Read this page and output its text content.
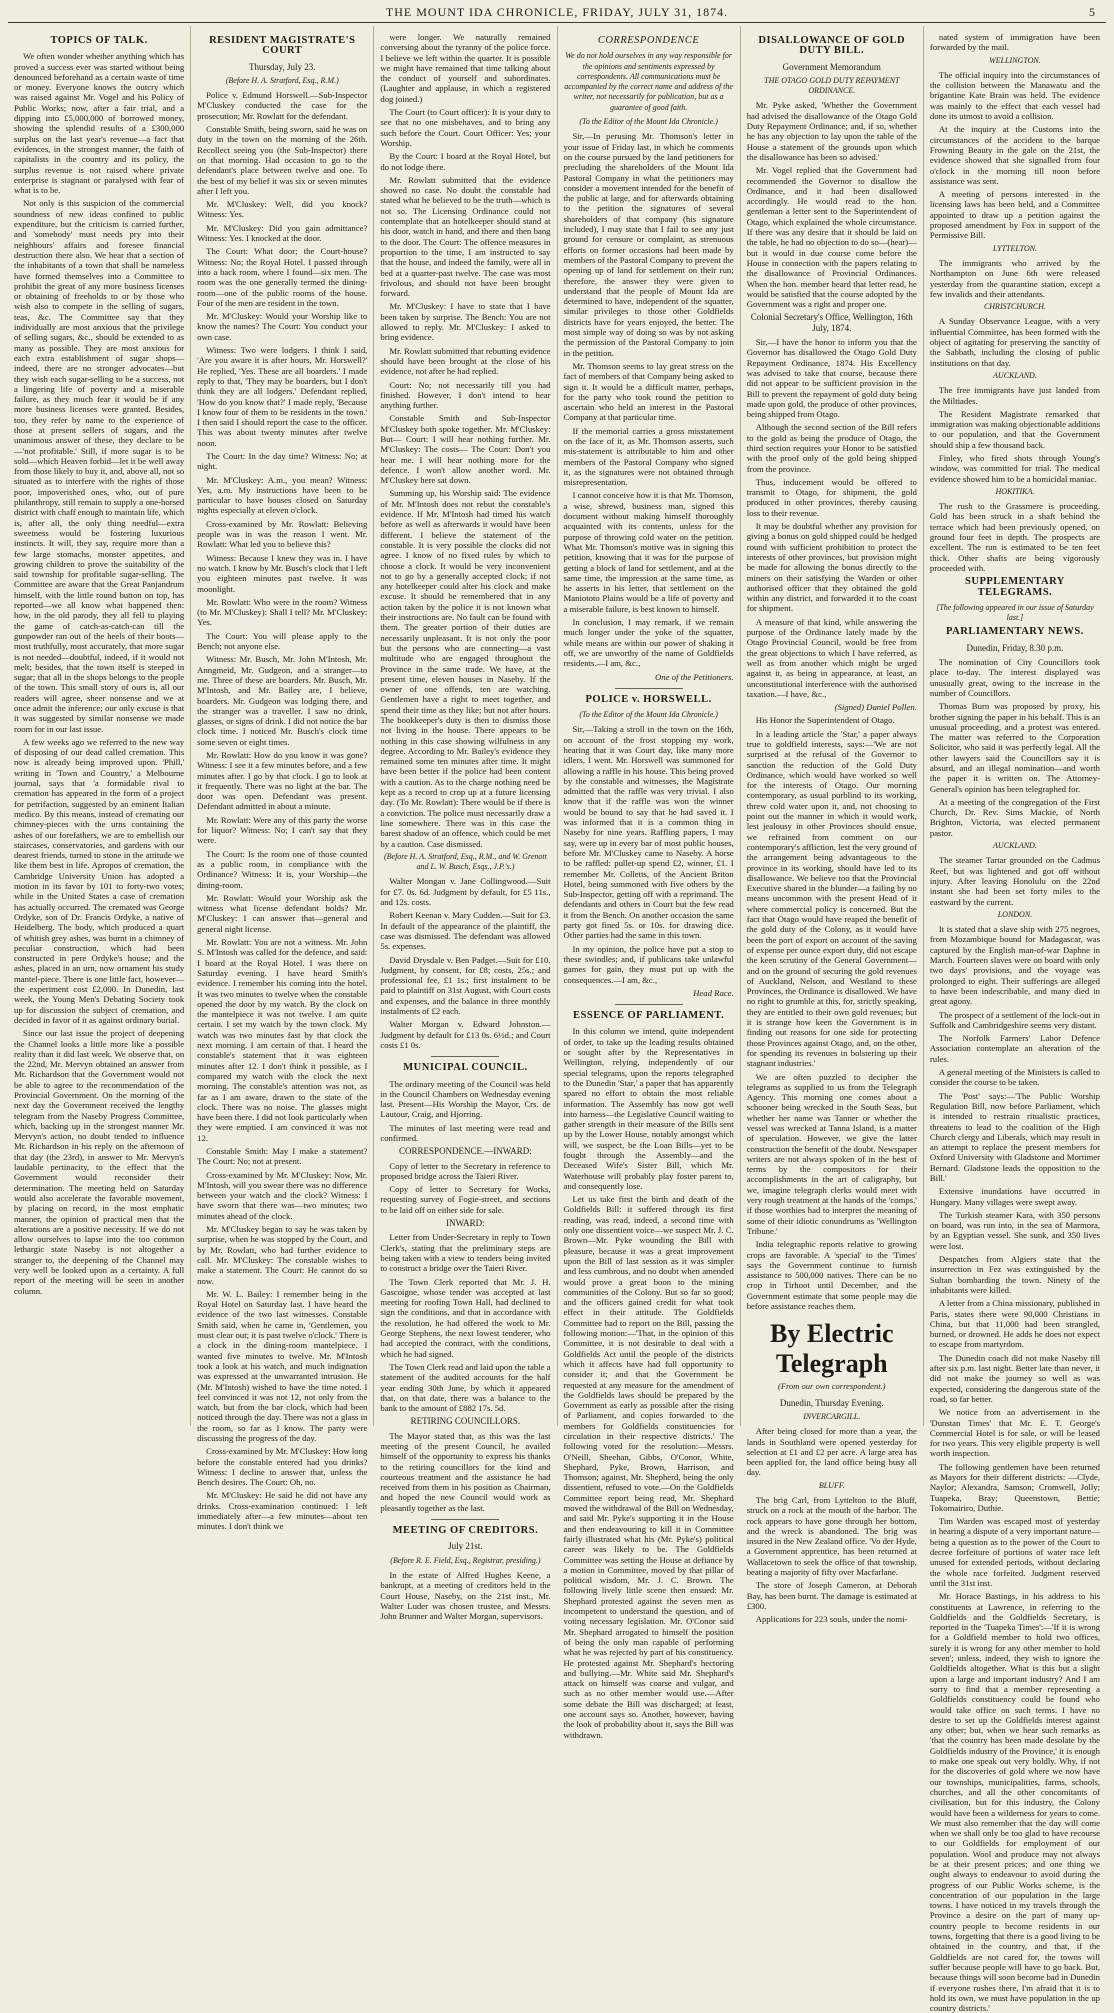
THE MOUNT IDA CHRONICLE, FRIDAY, JULY 31, 1874.	5
TOPICS OF TALK.

We often wonder whether anything which has proved a success ever was started without being denounced beforehand as a certain waste of time or money. Everyone knows the outcry which was raised against Mr. Vogel and his Policy of Public Works; now, after a fair trial, and a dipping into £5,000,000 of borrowed money, showing the splendid results of a £300,000 surplus on the last year's revenue—a fact that evidences, in the strongest manner, the faith of capitalists in the country and its policy, the surplus revenue is not raised where private enterprise is stagnant or paralysed with fear of what is to be.

Not only is this suspicion of the commercial soundness of new ideas confined to public expenditure, but the criticism is carried further, and 'somebody' must needs pry into their neighbours' affairs and foresee financial destruction there also. We hear that a section of the inhabitants of a town that shall be nameless have formed themselves into a Committee to prohibit the great of any more business licenses or obtaining of freeholds to or by those who wish also to compete in the selling of sugars, teas, &c. The Committee say that they individually are most anxious that the privilege of selling sugars, &c., should be extended to as many as possible. They are most anxious for each extra establishment of sugar shops—indeed, there are no stronger advocates—but they wish each sugar-selling to be a success, not a lingering life of poverty and a miserable failure, as they much fear it would be if any more business licenses were granted. Besides, too, they refer by name to the experience of those at present sellers of sugars, and the unanimous answer of these, they declare to be—'not profitable.' Still, if more sugar is to be sold—which Heaven forbid—let it be well away from those likely to buy it, and, above all, not so situated as to interfere with the rights of those poor, impoverished ones, who, out of pure philanthropy, still remain to supply a one-horsed district with chaff enough to maintain life, which is, after all, the only thing needful—extra sweetness would be fostering luxurious instincts. It will, they say, require more than a few large stomachs, monster appetites, and growing children to prove the suitability of the said township for profitable sugar-selling. The Committee are aware that the Great Panjandrum himself, with the little round button on top, has reported—we all know what happened then: how, in the old parody, they all fell to playing the game of catch-as-catch-can till the gunpowder ran out of the heels of their boots—most truthfully, most accurately, that more sugar is not needed—doubtful, indeed, if it would not melt; besides, that the town itself is steeped in sugar; that all in the shops belongs to the people of the town. This small story of ours is, all our readers will agree, sheer nonsense and we at once admit the inference; our only excuse is that it was suggested by similar nonsense we made room for in our last issue.

A few weeks ago we referred to the new way of disposing of our dead called cremation. This now is already being improved upon. 'Phill,' writing in 'Town and Country,' a Melbourne journal, says that 'a formidable rival to cremation has appeared in the form of a project for petrifaction, suggested by an eminent Italian medico. By this means, instead of cremating our chimney-pieces with the urns containing the ashes of our forefathers, we are to embellish our staircases, conservatories, and gardens with our dearest friends, turned to stone in the attitude we like them best in life. Apropos of cremation, the Cambridge University Union has adopted a motion in its favor by 101 to forty-two votes; while in the United States a case of cremation has actually occurred. The cremated was George Ordyke, son of Dr. Francis Ordyke, a native of Heidelberg. The body, which produced a quart of whitish grey ashes, was burnt in a chimney of peculiar construction, which had been constructed in pere Ordyke's house; and the ashes, placed in an urn, now ornament his study mantel-piece. There is one little fact, however—the experiment cost £2,000. In Dunedin, last week, the Young Men's Debating Society took up for discussion the subject of cremation, and decided in favor of it as against ordinary burial.

Since our last issue the project of deepening the Channel looks a little more like a possible reality than it did last week. We observe that, on the 22nd, Mr. Mervyn obtained an answer from Mr. Richardson that the Government would not be able to agree to the recommendation of the Provincial Government. On the morning of the next day the Government received the lengthy telegram from the Naseby Progress Committee, which, backing up in the strongest manner Mr. Mervyn's action, no doubt tended to influence Mr. Richardson in his reply on the afternoon of that day (the 23rd), in answer to Mr. Mervyn's laudable pertinacity, to the effect that the Government would reconsider their determination. The meeting held on Saturday would also accelerate the favorable movement, by placing on record, in the most emphatic manner, the opinion of practical men that the alterations are a positive necessity. If we do not allow ourselves to lapse into the too common lethargic state Naseby is not altogether a stranger to, the deepening of the Channel may very well be looked upon as a certainty. A full report of the meeting will be seen in another column.

RESIDENT MAGISTRATE'S COURT
Thursday, July 23.
(Before H. A. Stratford, Esq., R.M.)

Police v. Edmund Horswell.—Sub-Inspector M'Cluskey conducted the case for the prosecution; Mr. Rowlatt for the defendant.

Constable Smith, being sworn, said he was on duty in the town on the morning of the 26th. Recollect seeing you (the Sub-Inspector) there on that morning. Had occasion to go to the defendant's place between twelve and one. To the best of my belief it was six or seven minutes after I left you.

Mr. M'Cluskey: Well, did you knock? Witness: Yes.

Mr. M'Cluskey: Did you gain admittance? Witness: Yes. I knocked at the door.

The Court: What door; the Court-house? Witness: No; the Royal Hotel. I passed through into a back room, where I found—six men. The room was the one generally termed the dining-room—one of the public rooms of the house. Four of the men are resident in the town.

Mr. M'Cluskey: Would your Worship like to know the names? The Court: You conduct your own case.

Witness: Two were lodgers. I think I said, 'Are you aware it is after hours, Mr. Horswell?' He replied, 'Yes. These are all boarders.' I made reply to that, 'They may be boarders, but I don't think they are all lodgers.' Defendant replied, 'How do you know that?' I made reply, 'Because I know four of them to be residents in the town.' I then said I should report the case to the officer. This was about twenty minutes after twelve noon.

The Court: In the day time? Witness: No; at night.

Mr. M'Cluskey: A.m., you mean? Witness: Yes, a.m. My instructions have been to be particular to have houses closed on Saturday nights especially at eleven o'clock.

Cross-examined by Mr. Rowlatt: Believing people was in was the reason I went. Mr. Rowlatt: What led you to believe this?

Witness: Because I knew they was in. I have no watch. I know by Mr. Busch's clock that I left you eighteen minutes past twelve. It was moonlight.

Mr. Rowlatt: Who were in the room? Witness (to Mr. M'Cluskey): Shall I tell? Mr. M'Cluskey: Yes.

The Court: You will please apply to the Bench; not anyone else.

Witness: Mr. Busch, Mr. John M'Intosh, Mr. Anngmeid, Mr. Gudgeon, and a stranger—to me. Three of these are boarders. Mr. Busch, Mr. M'Intosh, and Mr. Bailey are, I believe, boarders. Mr. Gudgeon was lodging there, and the stranger was a traveller. I saw no drink, glasses, or signs of drink. I did not notice the bar clock time. I noticed Mr. Busch's clock time some seven or eight times.

Mr. Rowlatt: How do you know it was gone? Witness: I see it a few minutes before, and a few minutes after. I go by that clock. I go to look at it frequently. There was no light at the bar. The door was open. Defendant was present. Defendant admitted in about a minute.

Mr. Rowlatt: Were any of this party the worse for liquor? Witness: No; I can't say that they were.

The Court: Is the room one of those counted as a public room, in compliance with the Ordinance? Witness: It is, your Worship—the dining-room.

Mr. Rowlatt: Would your Worship ask the witness what license defendant holds? Mr. M'Cluskey: I can answer that—general and general night license.

Mr. Rowlatt: You are not a witness. Mr. John S. M'Intosh was called for the defence, and said: I board at the Royal Hotel. I was there on Saturday evening. I have heard Smith's evidence. I remember his coming into the hotel. It was two minutes to twelve when the constable opened the door by my watch. By the clock on the mantelpiece it was not twelve. I am quite certain. I set my watch by the town clock. My watch was two minutes fast by that clock the next morning. I am certain of that. I heard the constable's statement that it was eighteen minutes after 12. I don't think it possible, as I compared my watch with the clock the next morning. The constable's attention was not, as far as I am aware, drawn to the state of the clock. There was no noise. The glasses might have been there. I did not look particularly when they were emptied. I am convinced it was not 12.

Constable Smith: May I make a statement? The Court: No; not at present.

Cross-examined by Mr. M'Cluskey: Now, Mr. M'Intosh, will you swear there was no difference between your watch and the clock? Witness: I have sworn that there was—two minutes; two minutes ahead of the clock.

Mr. M'Cluskey began to say he was taken by surprise, when he was stopped by the Court, and by Mr. Rowlatt, who had further evidence to call. Mr. M'Cluskey: The constable wishes to make a statement. The Court: He cannot do so now.

Mr. W. L. Bailey: I remember being in the Royal Hotel on Saturday last. I have heard the evidence of the two last witnesses. Constable Smith said, when he came in, 'Gentlemen, you must clear out; it is past twelve o'clock.' There is a clock in the dining-room mantelpiece. I wanted five minutes to twelve. Mr. M'Intosh took a look at his watch, and much indignation was expressed at the unwarranted intrusion. He (Mr. M'Intosh) wished to have the time noted. I feel convinced it was not 12, not only from the watch, but from the bar clock, which had been noticed through the day. There was not a glass in the room, so far as I know. The party were discussing the progress of the day.

Cross-examined by Mr. M'Cluskey: How long before the constable entered had you drinks? Witness: I decline to answer that, unless the Bench desires. The Court: Oh, no.

Mr. M'Cluskey: He said he did not have any drinks. Cross-examination continued: I left immediately after—a few minutes—about ten minutes. I don't think we

were longer. We naturally remained conversing about the tyranny of the police force. I believe we left within the quarter. It is possible we might have remained that time talking about the conduct of yourself and subordinates. (Laughter and applause, in which a registered dog joined.)

The Court (to Court officer): It is your duty to see that no one misbehaves, and to bring any such before the Court. Court Officer: Yes; your Worship.

By the Court: I board at the Royal Hotel, but do not lodge there.

Mr. Rowlatt submitted that the evidence showed no case. No doubt the constable had stated what he believed to be the truth—which is not so. The Licensing Ordinance could not contemplate that an hotelkeeper should stand at his door, watch in hand, and there and then bang to the door. The Court: The offence measures in proportion to the time, I am instructed to say that the house, and indeed the family, were all in bed at a quarter-past twelve. The case was most frivolous, and should not have been brought forward.

Mr. M'Cluskey: I have to state that I have been taken by surprise. The Bench: You are not allowed to reply. Mr. M'Cluskey: I asked to bring evidence.

Mr. Rowlatt submitted that rebutting evidence should have been brought at the close of his evidence, not after he had replied.

Court: No; not necessarily till you had finished. However, I don't intend to hear anything further.

Constable Smith and Sub-Inspector M'Cluskey both spoke together. Mr. M'Cluskey: But— Court: I will hear nothing further. Mr. M'Cluskey: The costs— The Court: Don't you hear me. I will hear nothing more for the defence. I won't allow another word. Mr. M'Cluskey here sat down.

Summing up, his Worship said: The evidence of Mr. M'Intosh does not rebut the constable's evidence. If Mr. M'Intosh had timed his watch before as well as afterwards it would have been different. I believe the statement of the constable. It is very possible the clocks did not agree. I know of no fixed rules by which to choose a clock. It would be very inconvenient not to go by a generally accepted clock; if not any hotelkeeper could alter his clock and make excuse. It should be remembered that in any action taken by the police it is not known what their instructions are. No fault can be found with them. The greater portion of their duties are necessarily unpleasant. It is not only the poor but the persons who are connecting—a vast multitude who are engaged throughout the Province in the same trade. We have, at the present time, eleven houses in Naseby. If the owner of one offends, ten are watching. Gentlemen have a right to meet together, and spend their time as they like; but not after hours. The bookkeeper's duty is then to dismiss those not living in the house. There appears to be nothing in this case showing wilfulness in any degree. According to Mr. Bailey's evidence they remained some ten minutes after time. It might have been better if the police had been content with a caution. As to the charge nothing need be kept as a record to crop up at a future licensing day. (To Mr. Rowlatt): There would be if there is a conviction. The police must necessarily draw a line somewhere. There was in this case the barest shadow of an offence, which could be met by a caution. Case dismissed.

(Before H. A. Stratford, Esq., R.M., and W. Grenott and L. W. Busch, Esqs., J.P.'s.)

Walter Mongan v. Jane Collingwood.—Suit for £7. 0s. 6d. Judgment by default, for £5 11s., and 12s. costs.

Robert Keenan v. Mary Cudden.—Suit for £3. In default of the appearance of the plaintiff, the case was dismissed. The defendant was allowed 5s. expenses.

David Drysdale v. Ben Padget.—Suit for £10. Judgment, by consent, for £8; costs, 25s.; and professional fee, £1 1s.; first instalment to be paid to plaintiff on 31st August, with Court costs and expenses, and the balance in three monthly instalments of £2 each.

Walter Morgan v. Edward Johnston.—Judgment by default for £13 0s. 6½d.; and Court costs £1 0s.

MUNICIPAL COUNCIL.

The ordinary meeting of the Council was held in the Council Chambers on Wednesday evening last. Present—His Worship the Mayor, Crs. de Lautour, Craig, and Hjorring.

The minutes of last meeting were read and confirmed.

CORRESPONDENCE.—INWARD:

Copy of letter to the Secretary in reference to proposed bridge across the Taieri River.

Copy of letter to Secretary for Works, requesting survey of Fogie-street, and sections to be laid off on either side for sale.

INWARD:

Letter from Under-Secretary in reply to Town Clerk's, stating that the preliminary steps are being taken with a view to tenders being invited to construct a bridge over the Taieri River.

The Town Clerk reported that Mr. J. H. Gascoigne, whose tender was accepted at last meeting for roofing Town Hall, had declined to sign the conditions, and that in accordance with the resolution, he had offered the work to Mr. George Stephens, the next lowest tenderer, who had accepted the contract, with the conditions, which he had signed.

The Town Clerk read and laid upon the table a statement of the audited accounts for the half year ending 30th June, by which it appeared that, on that date, there was a balance to the bank to the amount of £882 17s. 5d.

RETIRING COUNCILLORS.

The Mayor stated that, as this was the last meeting of the present Council, he availed himself of the opportunity to express his thanks to the retiring councillors for the kind and courteous treatment and the assistance he had received from them in his position as Chairman, and hoped the new Council would work as pleasantly together as the last.

MEETING OF CREDITORS.
July 21st.
(Before R. E. Field, Esq., Registrar, presiding.)

In the estate of Alfred Hughes Keene, a bankrupt, at a meeting of creditors held in the Court House, Naseby, on the 21st inst., Mr. Walter Luder was chosen trustee, and Messrs. John Brunner and Walter Morgan, supervisors.

CORRESPONDENCE
We do not hold ourselves in any way responsible for the opinions and sentiments expressed by correspondents. All communications must be accompanied by the correct name and address of the writer, not necessarily for publication, but as a guarantee of good faith.
(To the Editor of the Mount Ida Chronicle.)

Sir,—In perusing Mr. Thomson's letter in your issue of Friday last, in which he comments on the course pursued by the land petitioners for precluding the shareholders of the Mount Ida Pastoral Company in what the petitioners may consider a movement intended for the benefit of the public at large, and for afterwards obtaining to the petition the signatures of several shareholders of that company (his signature included), I may state that I fail to see any just ground for censure or complaint, as strenuous efforts on former occasions had been made by members of the Pastoral Company to prevent the opening up of land for settlement on their run; therefore, the answer they were given to understand that the people of Mount Ida are determined to have, independent of the squatter, similar privileges to those other Goldfields districts have for years enjoyed, the better. The most simple way of doing so was by not asking the permission of the Pastoral Company to join in the petition.

Mr. Thomson seems to lay great stress on the fact of members of that Company being asked to sign it. It would be a difficult matter, perhaps, for the party who took round the petition to ascertain who held an interest in the Pastoral Company at that particular time.

If the memorial carries a gross misstatement on the face of it, as Mr. Thomson asserts, such mis-statement is attributable to him and other members of the Pastoral Company who signed it, as the signatures were not obtained through misrepresentation.

I cannot conceive how it is that Mr. Thomson, a wise, shrewd, business man, signed this document without making himself thoroughly acquainted with its contents, unless for the purpose of throwing cold water on the petition. What Mr. Thomson's motive was in signing this petition, knowing that it was for the purpose of getting a block of land for settlement, and at the same time, the impression at the same time, as he asserts in his letter, that settlement on the Maniototo Plains would be a life of poverty and a miserable failure, is best known to himself.

In conclusion, I may remark, if we remain much longer under the yoke of the squatter, while means are within our power of shaking it off, we are unworthy of the name of Goldfields residents.—I am, &c.,

One of the Petitioners.

POLICE v. HORSWELL.
(To the Editor of the Mount Ida Chronicle.)

Sir,—Taking a stroll in the town on the 16th, on account of the frost stopping my work, hearing that it was Court day, like many more idlers, I went. Mr. Horswell was summoned for allowing a raffle in his house. This being proved by the constable and witnesses, the Magistrate admitted that the raffle was very trivial. I also know that if the raffle was won the winner would be bound to say that he had saved it. I was informed that it is a common thing in Naseby for nine years. Raffling papers, I may say, were up in every bar of most public houses, before Mr. M'Cluskey came to Naseby. A horse to be raffled: pullet-up spend £2, winner, £1. I remember Mr. Colletts, of the Ancient Briton Hotel, being summoned with five others by the Sub-Inspector, getting off with a reprimand. The defendants and others in Court but the few read it from the Bench. On another occasion the same party got fined 5s. or 10s. for drawing dice. Other parties had the same in this town.

In my opinion, the police have put a stop to these swindles; and, if publicans take unlawful games for gain, they must put up with the consequences.—I am, &c.,

Head Race.

ESSENCE OF PARLIAMENT.

In this column we intend, quite independent of order, to take up the leading results obtained or sought after by the Representatives in Wellington, relying, independently of our special telegrams, upon the reports telegraphed to the Dunedin 'Star,' a paper that has apparently spared no effort to obtain the most reliable information. The Assembly has now got well into harness—the Legislative Council waiting to gather strength in their measure of the Bills sent up by the Lower House, notably amongst which will, we suspect, be the Loan Bills—yet to be fought through the Assembly—and the Deceased Wife's Sister Bill, which Mr. Waterhouse will probably play foster parent to, and consequently lose.

Let us take first the birth and death of the Goldfields Bill: it suffered through its first reading, was read, indeed, a second time with only one dissentient voice—we suspect Mr. J. C. Brown—Mr. Pyke wounding the Bill with pleasure, because it was a great improvement upon the Bill of last session as it was simpler and less cumbrous, and no doubt when amended would prove a great boon to the mining communities of the Colony. But so far so good; and the officers gained credit for what took effect in their attitude. The Goldfields Committee had to report on the Bill, passing the following motion:—'That, in the opinion of this Committee, it is not desirable to deal with a Goldfields Act until the people of the districts which it affects have had full opportunity to consider it; and that the Government be requested at any measure for the amendment of the Goldfields laws should be prepared by the Government as early as possible after the rising of Parliament, and copies forwarded to the members for Goldfields constituencies for circulation in their respective districts.' The following voted for the resolution:—Messrs. O'Neill, Sheehan, Gibbs, O'Conor, White, Shephard, Pyke, Brown, Harrison, and Thomson; against, Mr. Shepherd, being the only dissentient, refused to vote.—On the Goldfields Committee report being read, Mr. Shephard moved the withdrawal of the Bill on Wednesday, and said Mr. Pyke's supporting it in the House and then endeavouring to kill it in Committee fairly illustrated what his (Mr. Pyke's) political career was likely to be. The Goldfields Committee was setting the House at defiance by a motion in Committee, moved by that pillar of political wisdom, Mr. J. C. Brown. The following lively little scene then ensued: Mr. Shephard protested against the seven men as incompetent to understand the question, and of voting necessary legislation. Mr. O'Conor said Mr. Shephard arrogated to himself the position of being the only man capable of performing what he was rejected by part of his constituency. He protested against Mr. Shephard's hectoring and bullying.—Mr. White said Mr. Shephard's attack on himself was coarse and vulgar, and such as no other member would use.—After some debate the Bill was discharged; at least, one account says so. Another, however, having the look of probability about it, says the Bill was withdrawn.

DISALLOWANCE OF GOLD DUTY BILL.
Government Memorandum
THE OTAGO GOLD DUTY REPAYMENT ORDINANCE.

Mr. Pyke asked, 'Whether the Government had advised the disallowance of the Otago Gold Duty Repayment Ordinance; and, if so, whether he has any objection to lay upon the table of the House a statement of the grounds upon which the disallowance has been so advised.'

Mr. Vogel replied that the Government had recommended the Governor to disallow the Ordinance, and it had been disallowed accordingly. He would read to the hon. gentleman a letter sent to the Superintendent of Otago, which explained the whole circumstance. If there was any desire that it should be laid on the table, he had no objection to do so—(hear)—but it would in due course come before the House in connection with the papers relating to the disallowance of Provincial Ordinances. When the hon. member heard that letter read, he would be satisfied that the course adopted by the Government was a right and proper one.

Colonial Secretary's Office, Wellington, 16th July, 1874.

Sir,—I have the honor to inform you that the Governor has disallowed the Otago Gold Duty Repayment Ordinance, 1874. His Excellency was advised to take that course, because there did not appear to be sufficient provision in the Bill to prevent the repayment of gold duty being made upon gold, the produce of other provinces, being shipped from Otago.

Although the second section of the Bill refers to the gold as being the produce of Otago, the third section requires your Honor to be satisfied with the proof only of the gold being shipped from the province.

Thus, inducement would be offered to transmit to Otago, for shipment, the gold produced in other provinces, thereby causing loss to their revenue.

It may be doubtful whether any provision for giving a bonus on gold shipped could be hedged round with sufficient prohibition to protect the interests of other provinces, but provision might be made for allowing the bonus directly to the miners on their satisfying the Warden or other authorised officer that they obtained the gold within any district, and forwarded it to the coast for shipment.

A measure of that kind, while answering the purpose of the Ordinance lately made by the Otago Provincial Council, would be free from the great objections to which I have referred, as well as from another which might be urged against it, as being in appearance, at least, an unconstitutional interference with the authorised taxation.—I have, &c.,

(Signed) Daniel Pollen.

His Honor the Superintendent of Otago.

In a leading article the 'Star,' a paper always true to goldfield interests, says:—'We are not surprised at the refusal of the Governor to sanction the reduction of the Gold Duty Ordinance, which would have worked so well for the interests of Otago. Our morning contemporary, as usual purblind to its working, threw cold water upon it, and, not choosing to point out the manner in which it would work, lest jealousy in other Provinces should ensue, we refrained from comment on our contemporary's affliction, lest the very ground of the arrangement being advantageous to the province in its working, should have led to its disallowance. We believe too that the Provincial Executive shared in the blunder—a failing by no means uncommon with the present Head of it where commercial policy is concerned. But the fact that Otago would have reaped the benefit of the gold duty of the Colony, as it would have been the port of export on account of the saving of expense per ounce export duty, did not escape the keen scrutiny of the General Government—and on the ground of securing the gold revenues of Auckland, Nelson, and Westland to these Provinces, the Ordinance is disallowed. We have no right to grumble at this, for, strictly speaking, they are entitled to their own gold revenues; but it is strange how keen the Government is in finding out reasons for one side for protecting those Provinces against Otago, and, on the other, for spending its revenues in bolstering up their stagnant industries.'

We are often puzzled to decipher the telegrams as supplied to us from the Telegraph Agency. This morning one comes about a schooner being wrecked in the South Seas, but whether her name was Tanner or whether the vessel was wrecked at Tanna Island, is a matter of speculation. However, we give the latter construction the benefit of the doubt. Newspaper writers are not always spoken of in the best of terms by the compositors for their accomplishments in the art of caligraphy, but we, imagine telegraph clerks would meet with very rough treatment at the hands of the 'comps.' if those worthies had to interpret the meaning of some of their idiotic conundrums as 'Wellington Tribune.'

India telegraphic reports relative to growing crops are favorable. A 'special' to the 'Times' says the Government continue to furnish assistance to 500,000 natives. There can be no crop in Tirhoot until December, and the Government estimate that some people may die before assistance reaches them.

By Electric Telegraph
(From our own correspondent.)
Dunedin, Thursday Evening.
INVERCARGILL.

After being closed for more than a year, the lands in Southland were opened yesterday for selection at £1 and £2 per acre. A large area has been applied for, the land office being busy all day.

BLUFF.

The brig Carl, from Lyttelton to the Bluff, struck on a rock at the mouth of the harbor. The rock appears to have gone through her bottom, and the wreck is abandoned. The brig was insured in the New Zealand office. 'Vo der Hyde, a Government apprentice, has been returned at Wallacetown to seek the office of that township, beating a majority of fifty over Macfarlane.

The store of Joseph Cameron, at Deborah Bay, has been burnt. The damage is estimated at £300.

Applications for 223 souls, under the nomi-

nated system of immigration have been forwarded by the mail.

WELLINGTON.

The official inquiry into the circumstances of the collision between the Manawatu and the brigantine Kate Brain was held. The evidence was mainly to the effect that each vessel had done its utmost to avoid a collision.

At the inquiry at the Customs into the circumstances of the accident to the barque Frowning Beauty in the gale on the 21st, the evidence showed that she signalled from four o'clock in the morning till noon before assistance was sent.

A meeting of persons interested in the licensing laws has been held, and a Committee appointed to draw up a petition against the proposed amendment by Fox in support of the Permissive Bill.

LYTTELTON.

The immigrants who arrived by the Northampton on June 6th were released yesterday from the quarantine station, except a few invalids and their attendants.

CHRISTCHURCH.

A Sunday Observance League, with a very influential Committee, has been formed with the object of agitating for preserving the sanctity of the Sabbath, including the closing of public institutions on that day.

AUCKLAND.

The free immigrants have just landed from the Miltiades.

The Resident Magistrate remarked that immigration was making objectionable additions to our population, and that the Government should ship a few thousand back.

Finley, who fired shots through Young's window, was committed for trial. The medical evidence showed him to be a homicidal maniac.

HOKITIKA.

The rush to the Grassmere is proceeding. Gold has been struck in a shaft behind the terrace which had been previously opened, on ground four feet in depth. The prospects are excellent. The run is estimated to be ten feet thick. Other shafts are being vigorously proceeded with.

SUPPLEMENTARY TELEGRAMS.
[The following appeared in our issue of Saturday last.]
PARLIAMENTARY NEWS.
Dunedin, Friday, 8.30 p.m.

The nomination of City Councillors took place to-day. The interest displayed was unusually great, owing to the increase in the number of Councillors.

Thomas Burn was proposed by proxy, his brother signing the paper in his behalf. This is an unusual proceeding, and a protest was entered. The matter was referred to the Corporation Solicitor, who said it was perfectly legal. All the other lawyers said the Councillors say it is absurd, and an illegal nomination—and worth the paper it is written on. The Attorney-General's opinion has been telegraphed for.

At a meeting of the congregation of the First Church, Dr. Rev. Sims Mackie, of North Brighton, Victoria, was elected permanent pastor.

AUCKLAND.

The steamer Tartar grounded on the Cadmus Reef, but was lightened and got off without injury. After leaving Honolulu on the 22nd instant she had been set forty miles to the eastward by the current.

LONDON.

It is stated that a slave ship with 275 negroes, from Mozambique bound for Madagascar, was captured by the English man-of-war Daphne in March. Fourteen slaves were on board with only two days' provisions, and the voyage was prolonged to eight. Their sufferings are alleged to have been indescribable, and many died in great agony.

The prospect of a settlement of the lock-out in Suffolk and Cambridgeshire seems very distant.

The Norfolk Farmers' Labor Defence Association contemplate an alteration of the rules.

A general meeting of the Ministers is called to consider the course to be taken.

The 'Post' says:—'The Public Worship Regulation Bill, now before Parliament, which is intended to restrain ritualistic practices, threatens to lead to the coalition of the High Church clergy and Liberals, which may result in an attempt to replace the present members for Oxford University with Gladstone and Mortimer Bernard. Gladstone leads the opposition to the Bill.'

Extensive inundations have occurred in Hungary. Many villages were swept away.

The Turkish steamer Kara, with 350 persons on board, was run into, in the sea of Marmora, by an Egyptian vessel. She sunk, and 350 lives were lost.

Despatches from Algiers state that the insurrection in Fez was extinguished by the Sultan bombarding the town. Ninety of the inhabitants were killed.

A letter from a China missionary, published in Paris, states there were 90,000 Christians in China, but that 11,000 had been strangled, burned, or drowned. He adds he does not expect to escape from martyrdom.

The Dunedin coach did not make Naseby till after six p.m. last night. Better late than never, it did not make the journey so well as was expected, considering the dangerous state of the road, so far better.

We notice from an advertisement in the 'Dunstan Times' that Mr. E. T. George's Commercial Hotel is for sale, or will be leased for two years. This very eligible property is well worth inspection.

The following gentlemen have been returned as Mayors for their different districts: —Clyde, Naylor; Alexandra, Samson; Cromwell, Jolly; Tuapeka, Bray; Queenstown, Bettie; Tokomairiro, Duthie.

Tim Warden was escaped most of yesterday in hearing a dispute of a very important nature—being a question as to the power of the Court to decree forfeiture of portions of water race left unused for extended periods, without declaring the whole race forfeited. Judgment reserved until the 31st inst.

Mr. Horace Bastings, in his address to his constituents at Lawrence, in referring to the Goldfields and the Goldfields Secretary, is reported in the 'Tuapeka Times':—'If it is wrong for a Goldfield member to hold two offices, surely it is wrong for any other member to hold seven'; unless, indeed, they wish to ignore the Goldfields altogether. What is this but a slight upon a large and important industry? And I am sorry to find that a member representing a Goldfields constituency could be found who would take office on such terms. I have no desire to set up the Goldfields interest against any other; but, when we hear such remarks as 'that the country has been made desolate by the Goldfields industry of the Province,' it is enough to make one speak out very boldly. Why, if not for the discoveries of gold where we now have our townships, municipalities, farms, schools, churches, and all the other concomitants of civilisation, but for this industry, the Colony would have been a wilderness for years to come. We must also remember that the day will come when we shall only be too glad to have recourse to our Goldfields for employment of our population. Wool and produce may not always be at their present prices; and one thing we ought always to endeavour to avoid during the progress of our Public Works scheme, is the concentration of our population in the large towns. I have noticed in my travels through the Province a desire on the part of many up-country people to become residents in our towns, forgetting that there is a good living to be obtained in the country, and that, if the Goldfields are not cared for, the towns will suffer because people will have to go back. But, because things will soon become bad in Dunedin if everyone rushes there, I'm afraid that it is to hold its own, we must have population in the up country districts.'
